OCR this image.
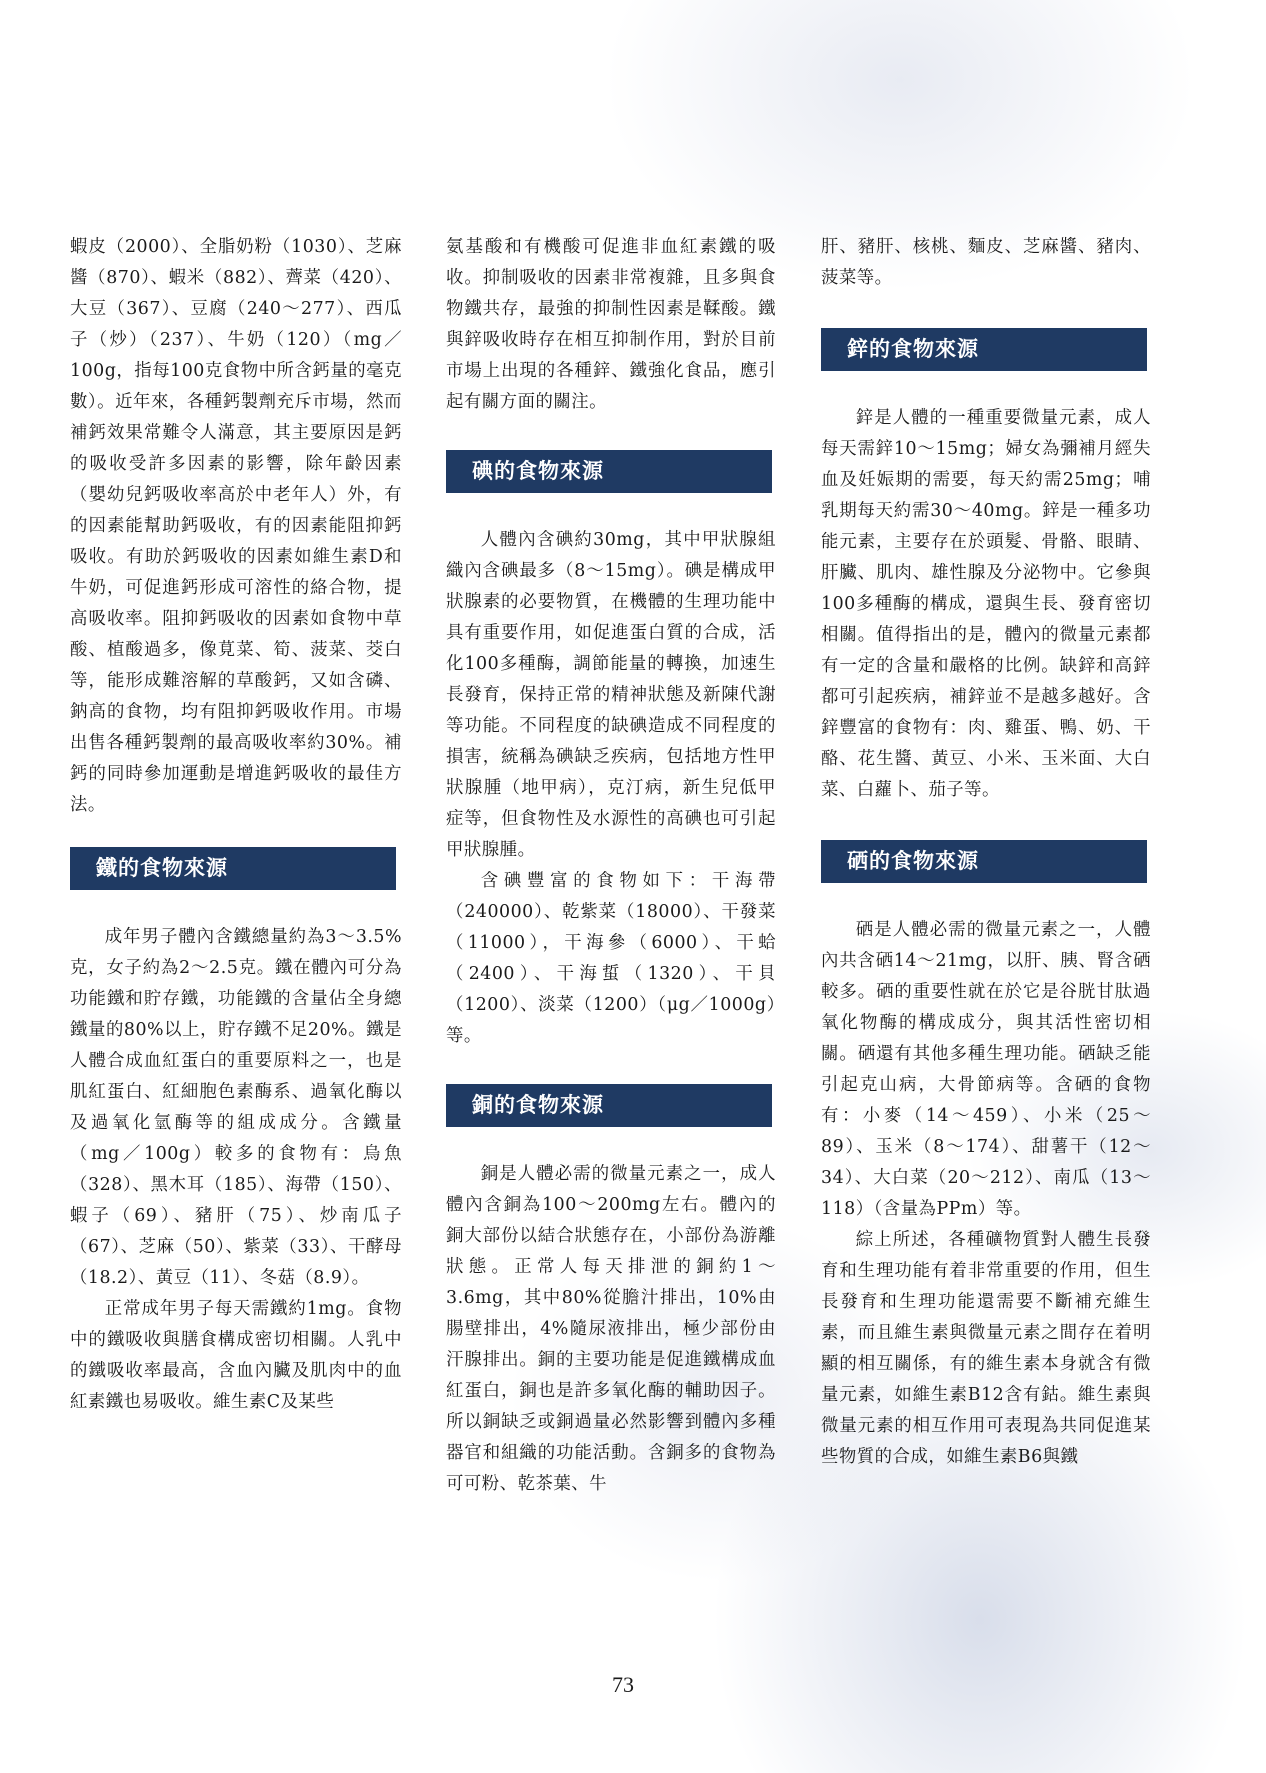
蝦皮（2000）、全脂奶粉（1030）、芝麻醬（870）、蝦米（882）、薺菜（420）、大豆（367）、豆腐（240～277）、西瓜子（炒）（237）、牛奶（120）（mg／100g，指每100克食物中所含鈣量的毫克數）。近年來，各種鈣製劑充斥市場，然而補鈣效果常難令人滿意，其主要原因是鈣的吸收受許多因素的影響，除年齡因素（嬰幼兒鈣吸收率高於中老年人）外，有的因素能幫助鈣吸收，有的因素能阻抑鈣吸收。有助於鈣吸收的因素如維生素D和牛奶，可促進鈣形成可溶性的絡合物，提高吸收率。阻抑鈣吸收的因素如食物中草酸、植酸過多，像莧菜、筍、菠菜、茭白等，能形成難溶解的草酸鈣，又如含磷、鈉高的食物，均有阻抑鈣吸收作用。市場出售各種鈣製劑的最高吸收率約30%。補鈣的同時參加運動是增進鈣吸收的最佳方法。

鐵的食物來源

成年男子體內含鐵總量約為3～3.5%克，女子約為2～2.5克。鐵在體內可分為功能鐵和貯存鐵，功能鐵的含量佔全身總鐵量的80%以上，貯存鐵不足20%。鐵是人體合成血紅蛋白的重要原料之一，也是肌紅蛋白、紅細胞色素酶系、過氧化酶以及過氧化氫酶等的組成成分。含鐵量（mg／100g）較多的食物有：烏魚（328）、黑木耳（185）、海帶（150）、蝦子（69）、豬肝（75）、炒南瓜子（67）、芝麻（50）、紫菜（33）、干酵母（18.2）、黃豆（11）、冬菇（8.9）。

正常成年男子每天需鐵約1mg。食物中的鐵吸收與膳食構成密切相關。人乳中的鐵吸收率最高，含血內臟及肌肉中的血紅素鐵也易吸收。維生素C及某些

氨基酸和有機酸可促進非血紅素鐵的吸收。抑制吸收的因素非常複雜，且多與食物鐵共存，最強的抑制性因素是鞣酸。鐵與鋅吸收時存在相互抑制作用，對於目前市場上出現的各種鋅、鐵強化食品，應引起有關方面的關注。

碘的食物來源

人體內含碘約30mg，其中甲狀腺組織內含碘最多（8～15mg）。碘是構成甲狀腺素的必要物質，在機體的生理功能中具有重要作用，如促進蛋白質的合成，活化100多種酶，調節能量的轉換，加速生長發育，保持正常的精神狀態及新陳代謝等功能。不同程度的缺碘造成不同程度的損害，統稱為碘缺乏疾病，包括地方性甲狀腺腫（地甲病），克汀病，新生兒低甲症等，但食物性及水源性的高碘也可引起甲狀腺腫。

含碘豐富的食物如下：干海帶（240000）、乾紫菜（18000）、干發菜（11000），干海參（6000）、干蛤（2400）、干海蜇（1320）、干貝（1200）、淡菜（1200）（μg／1000g）等。

銅的食物來源

銅是人體必需的微量元素之一，成人體內含銅為100～200mg左右。體內的銅大部份以結合狀態存在，小部份為游離狀態。正常人每天排泄的銅約1～3.6mg，其中80%從膽汁排出，10%由腸壁排出，4%隨尿液排出，極少部份由汗腺排出。銅的主要功能是促進鐵構成血紅蛋白，銅也是許多氧化酶的輔助因子。所以銅缺乏或銅過量必然影響到體內多種器官和組織的功能活動。含銅多的食物為可可粉、乾茶葉、牛

肝、豬肝、核桃、麵皮、芝麻醬、豬肉、菠菜等。

鋅的食物來源

鋅是人體的一種重要微量元素，成人每天需鋅10～15mg；婦女為彌補月經失血及妊娠期的需要，每天約需25mg；哺乳期每天約需30～40mg。鋅是一種多功能元素，主要存在於頭髮、骨骼、眼睛、肝臟、肌肉、雄性腺及分泌物中。它參與100多種酶的構成，還與生長、發育密切相關。值得指出的是，體內的微量元素都有一定的含量和嚴格的比例。缺鋅和高鋅都可引起疾病，補鋅並不是越多越好。含鋅豐富的食物有：肉、雞蛋、鴨、奶、干酪、花生醬、黃豆、小米、玉米面、大白菜、白蘿卜、茄子等。

硒的食物來源

硒是人體必需的微量元素之一，人體內共含硒14～21mg，以肝、胰、腎含硒較多。硒的重要性就在於它是谷胱甘肽過氧化物酶的構成成分，與其活性密切相關。硒還有其他多種生理功能。硒缺乏能引起克山病，大骨節病等。含硒的食物有：小麥（14～459）、小米（25～89）、玉米（8～174）、甜薯干（12～34）、大白菜（20～212）、南瓜（13～118）（含量為PPm）等。

綜上所述，各種礦物質對人體生長發育和生理功能有着非常重要的作用，但生長發育和生理功能還需要不斷補充維生素，而且維生素與微量元素之間存在着明顯的相互關係，有的維生素本身就含有微量元素，如維生素B12含有鈷。維生素與微量元素的相互作用可表現為共同促進某些物質的合成，如維生素B6與鐵

73
